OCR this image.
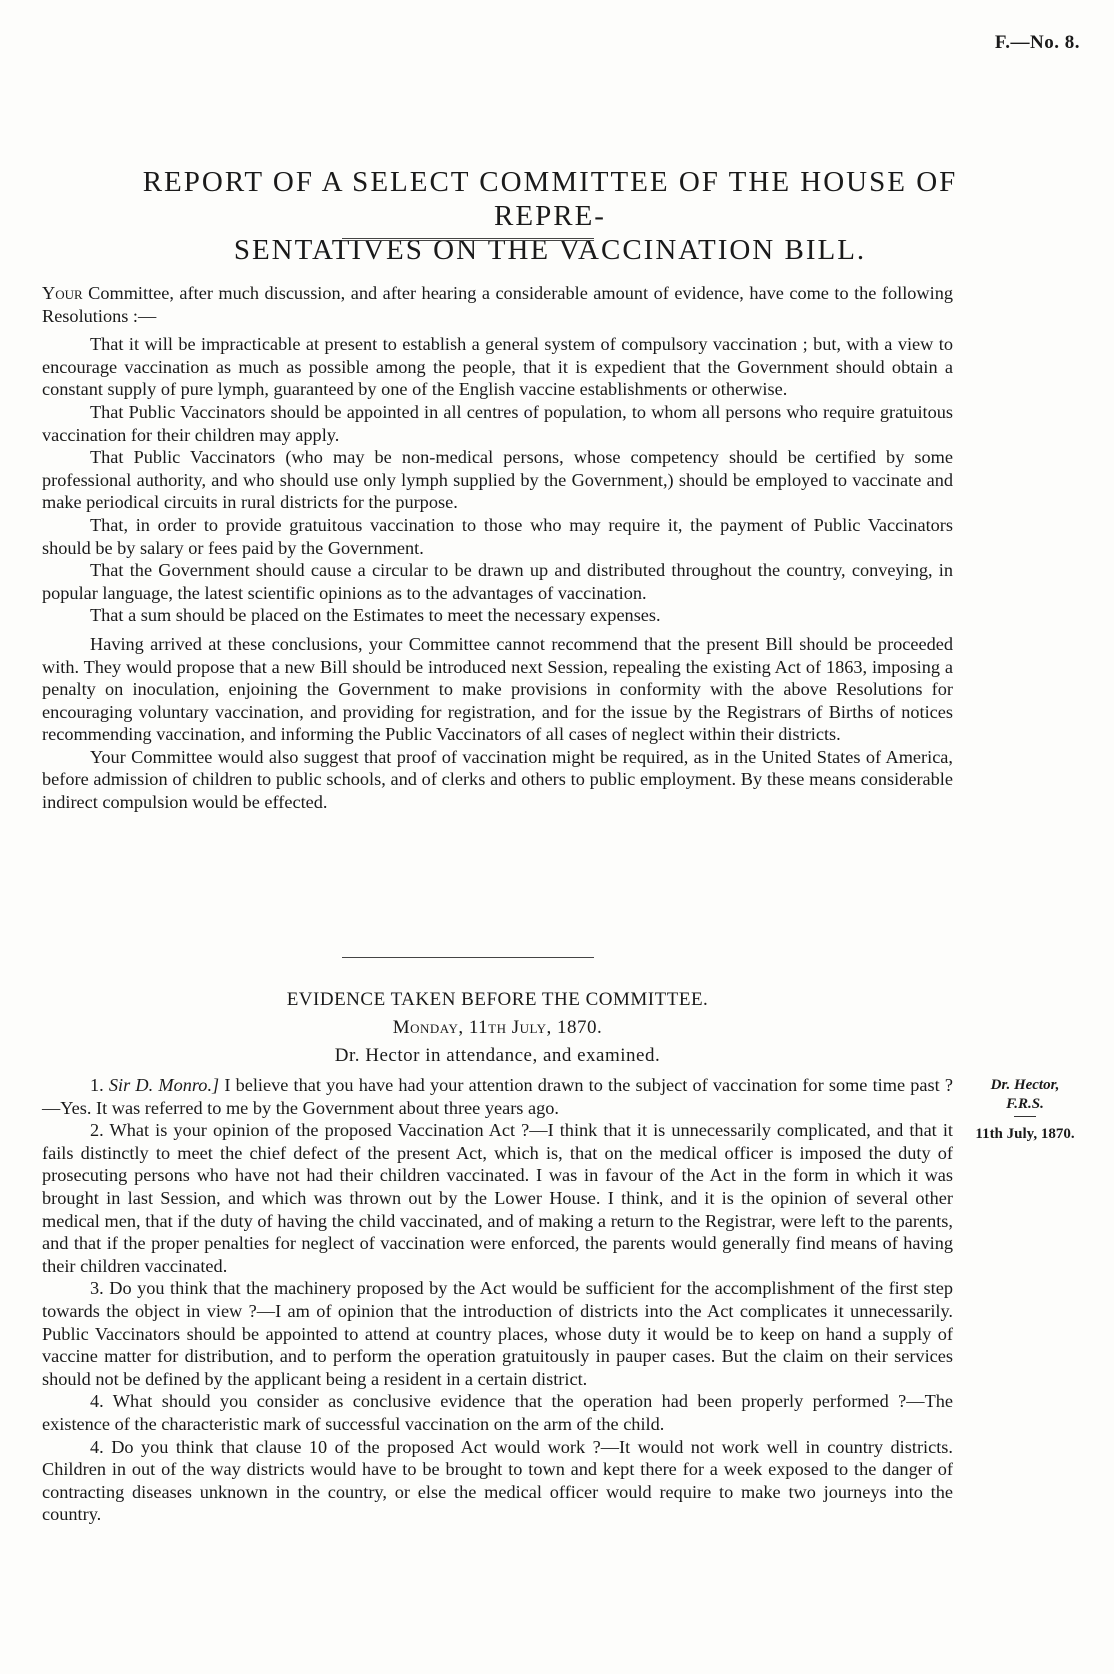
F.—No. 8.
REPORT OF A SELECT COMMITTEE OF THE HOUSE OF REPRE-
SENTATIVES ON THE VACCINATION BILL.

Your Committee, after much discussion, and after hearing a considerable amount of evidence, have come to the following Resolutions :—

That it will be impracticable at present to establish a general system of compulsory vaccination ; but, with a view to encourage vaccination as much as possible among the people, that it is expedient that the Government should obtain a constant supply of pure lymph, guaranteed by one of the English vaccine establishments or otherwise.

That Public Vaccinators should be appointed in all centres of population, to whom all persons who require gratuitous vaccination for their children may apply.

That Public Vaccinators (who may be non-medical persons, whose competency should be certified by some professional authority, and who should use only lymph supplied by the Government,) should be employed to vaccinate and make periodical circuits in rural districts for the purpose.

That, in order to provide gratuitous vaccination to those who may require it, the payment of Public Vaccinators should be by salary or fees paid by the Government.

That the Government should cause a circular to be drawn up and distributed throughout the country, conveying, in popular language, the latest scientific opinions as to the advantages of vaccination.

That a sum should be placed on the Estimates to meet the necessary expenses.

Having arrived at these conclusions, your Committee cannot recommend that the present Bill should be proceeded with. They would propose that a new Bill should be introduced next Session, repealing the existing Act of 1863, imposing a penalty on inoculation, enjoining the Government to make provisions in conformity with the above Resolutions for encouraging voluntary vaccination, and providing for registration, and for the issue by the Registrars of Births of notices recommending vaccination, and informing the Public Vaccinators of all cases of neglect within their districts.

Your Committee would also suggest that proof of vaccination might be required, as in the United States of America, before admission of children to public schools, and of clerks and others to public employment. By these means considerable indirect compulsion would be effected.

EVIDENCE TAKEN BEFORE THE COMMITTEE.
Monday, 11th July, 1870.
Dr. Hector in attendance, and examined.
Dr. Hector,
F.R.S.
11th July, 1870.

1. Sir D. Monro.] I believe that you have had your attention drawn to the subject of vaccination for some time past ?—Yes. It was referred to me by the Government about three years ago.

2. What is your opinion of the proposed Vaccination Act ?—I think that it is unnecessarily complicated, and that it fails distinctly to meet the chief defect of the present Act, which is, that on the medical officer is imposed the duty of prosecuting persons who have not had their children vaccinated. I was in favour of the Act in the form in which it was brought in last Session, and which was thrown out by the Lower House. I think, and it is the opinion of several other medical men, that if the duty of having the child vaccinated, and of making a return to the Registrar, were left to the parents, and that if the proper penalties for neglect of vaccination were enforced, the parents would generally find means of having their children vaccinated.

3. Do you think that the machinery proposed by the Act would be sufficient for the accomplishment of the first step towards the object in view ?—I am of opinion that the introduction of districts into the Act complicates it unnecessarily. Public Vaccinators should be appointed to attend at country places, whose duty it would be to keep on hand a supply of vaccine matter for distribution, and to perform the operation gratuitously in pauper cases. But the claim on their services should not be defined by the applicant being a resident in a certain district.

4. What should you consider as conclusive evidence that the operation had been properly performed ?—The existence of the characteristic mark of successful vaccination on the arm of the child.

4. Do you think that clause 10 of the proposed Act would work ?—It would not work well in country districts. Children in out of the way districts would have to be brought to town and kept there for a week exposed to the danger of contracting diseases unknown in the country, or else the medical officer would require to make two journeys into the country.
